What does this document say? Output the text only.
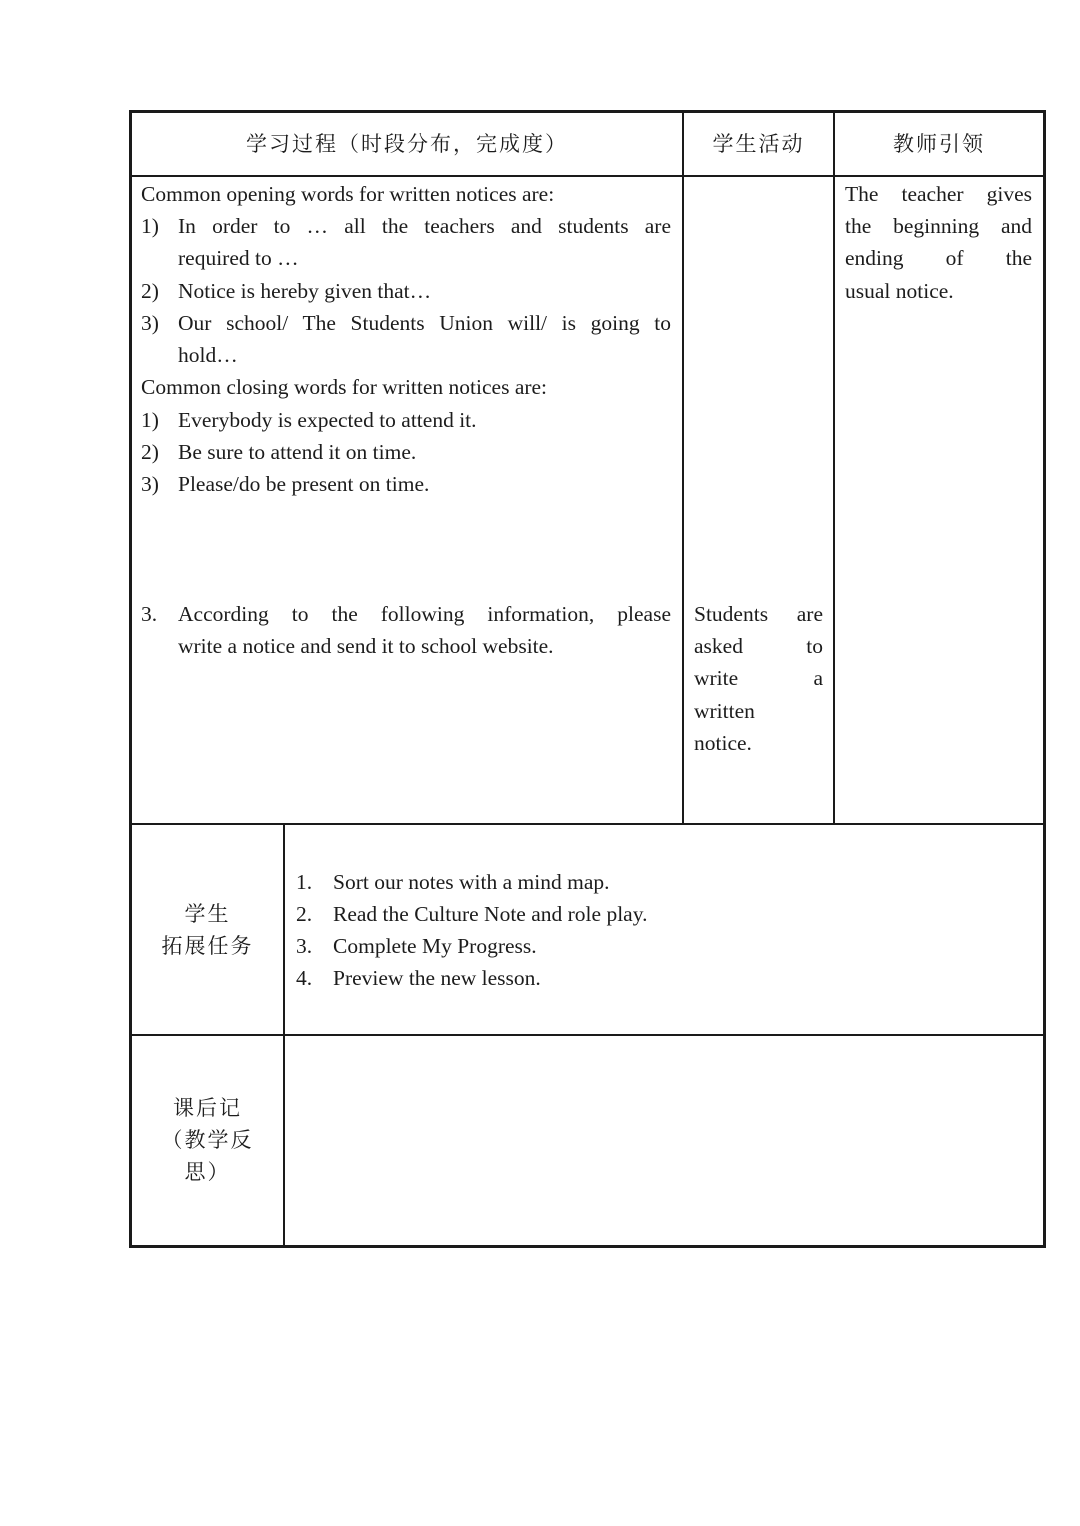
学习过程（时段分布，完成度）	学生活动	教师引领
Common opening words for written notices are:
1) In order to … all the teachers and students are
required to …
2) Notice is hereby given that…
3) Our school/ The Students Union will/ is going to
hold…
Common closing words for written notices are:
1) Everybody is expected to attend it.
2) Be sure to attend it on time.
3) Please/do be present on time.
3. According to the following information, please
write a notice and send it to school website.
Students are
asked to
write a
written
notice.
The teacher gives
the beginning and
ending of the
usual notice.
学生
拓展任务
1. Sort our notes with a mind map.
2. Read the Culture Note and role play.
3. Complete My Progress.
4. Preview the new lesson.
课后记
（教学反
思）
